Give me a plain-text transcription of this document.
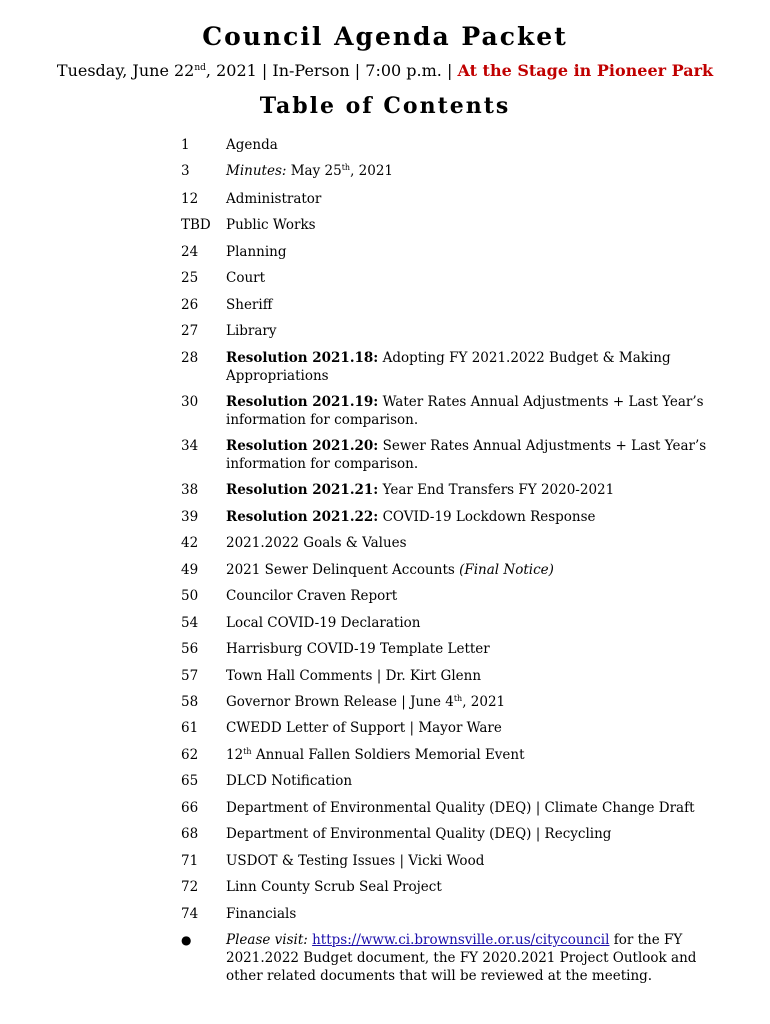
Council Agenda Packet
Tuesday, June 22nd, 2021 | In-Person | 7:00 p.m. | At the Stage in Pioneer Park
Table of Contents
1	Agenda
3	Minutes: May 25th, 2021
12	Administrator
TBD	Public Works
24	Planning
25	Court
26	Sheriff
27	Library
28	Resolution 2021.18: Adopting FY 2021.2022 Budget & Making Appropriations
30	Resolution 2021.19: Water Rates Annual Adjustments + Last Year’s information for comparison.
34	Resolution 2021.20: Sewer Rates Annual Adjustments + Last Year’s information for comparison.
38	Resolution 2021.21: Year End Transfers FY 2020-2021
39	Resolution 2021.22: COVID-19 Lockdown Response
42	2021.2022 Goals & Values
49	2021 Sewer Delinquent Accounts (Final Notice)
50	Councilor Craven Report
54	Local COVID-19 Declaration
56	Harrisburg COVID-19 Template Letter
57	Town Hall Comments | Dr. Kirt Glenn
58	Governor Brown Release | June 4th, 2021
61	CWEDD Letter of Support | Mayor Ware
62	12th Annual Fallen Soldiers Memorial Event
65	DLCD Notification
66	Department of Environmental Quality (DEQ) | Climate Change Draft
68	Department of Environmental Quality (DEQ) | Recycling
71	USDOT & Testing Issues | Vicki Wood
72	Linn County Scrub Seal Project
74	Financials
●	Please visit: https://www.ci.brownsville.or.us/citycouncil for the FY 2021.2022 Budget document, the FY 2020.2021 Project Outlook and other related documents that will be reviewed at the meeting.
